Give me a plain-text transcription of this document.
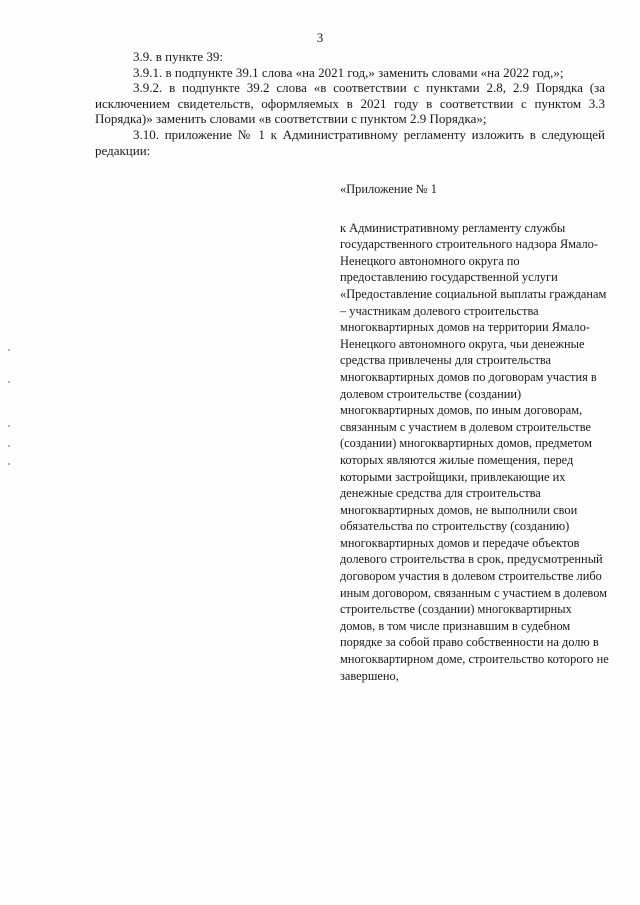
3

3.9. в пункте 39:

3.9.1. в подпункте 39.1 слова «на 2021 год,» заменить словами «на 2022 год,»;

3.9.2. в подпункте 39.2 слова «в соответствии с пунктами 2.8, 2.9 Порядка (за исключением свидетельств, оформляемых в 2021 году в соответствии с пунктом 3.3 Порядка)» заменить словами «в соответствии с пунктом 2.9 Порядка»;

3.10. приложение № 1 к Административному регламенту изложить в следующей редакции:

«Приложение № 1

к Административному регламенту службы государственного строительного надзора Ямало-Ненецкого автономного округа по предоставлению государственной услуги «Предоставление социальной выплаты гражданам – участникам долевого строительства многоквартирных домов на территории Ямало-Ненецкого автономного округа, чьи денежные средства привлечены для строительства многоквартирных домов по договорам участия в долевом строительстве (создании) многоквартирных домов, по иным договорам, связанным с участием в долевом строительстве (создании) многоквартирных домов, предметом которых являются жилые помещения, перед которыми застройщики, привлекающие их денежные средства для строительства многоквартирных домов, не выполнили свои обязательства по строительству (созданию) многоквартирных домов и передаче объектов долевого строительства в срок, предусмотренный договором участия в долевом строительстве либо иным договором, связанным с участием в долевом строительстве (создании) многоквартирных домов, в том числе признавшим в судебном порядке за собой право собственности на долю в многоквартирном доме, строительство которого не завершено,
